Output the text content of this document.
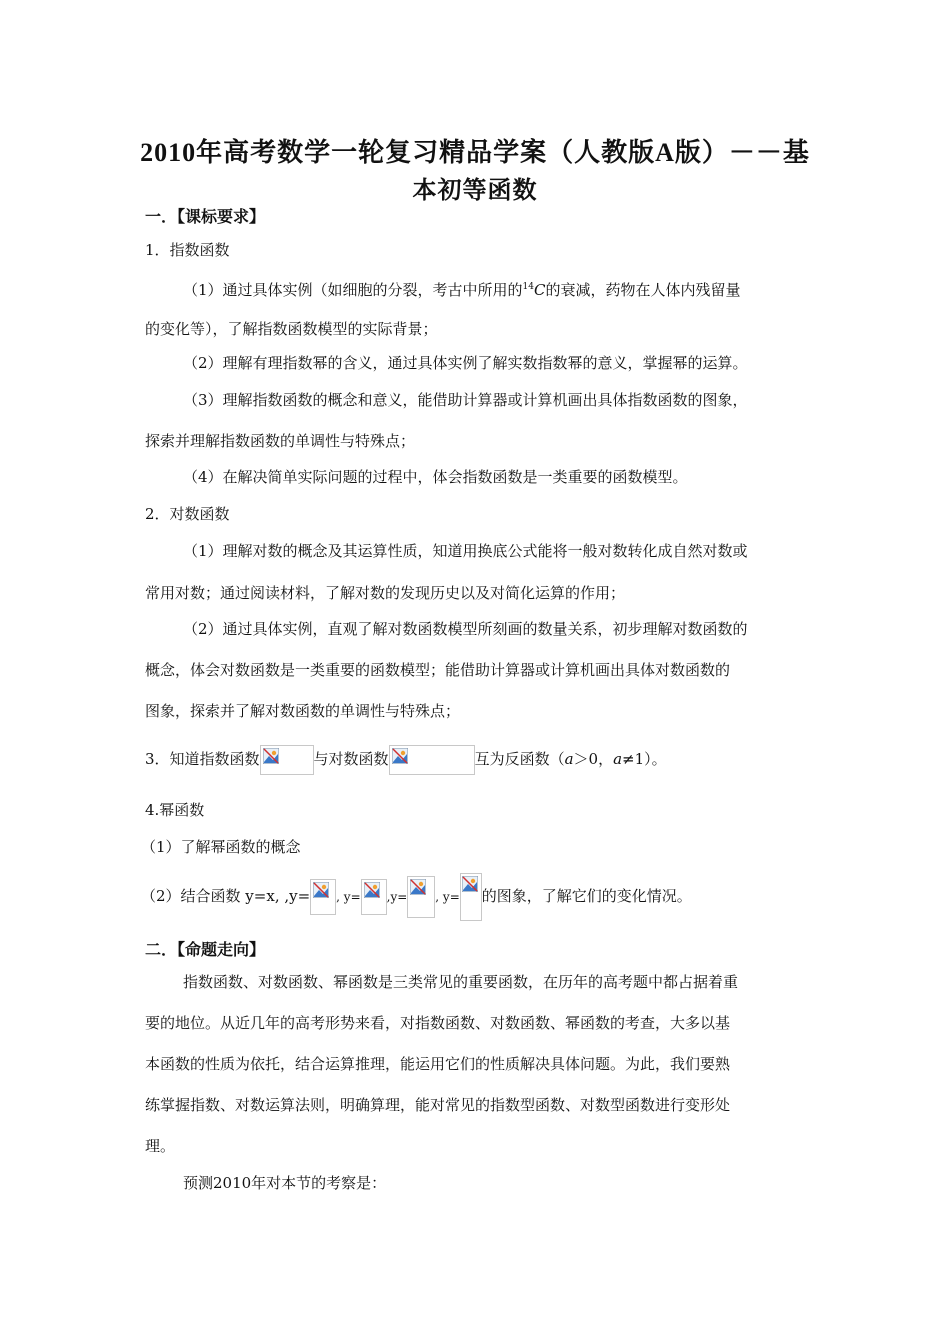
2010年高考数学一轮复习精品学案（人教版A版）－－基
本初等函数
一．【课标要求】
1．指数函数
（1）通过具体实例（如细胞的分裂，考古中所用的$^{14}$C的衰减，药物在人体内残留量
的变化等），了解指数函数模型的实际背景；
（2）理解有理指数幂的含义，通过具体实例了解实数指数幂的意义，掌握幂的运算。
（3）理解指数函数的概念和意义，能借助计算器或计算机画出具体指数函数的图象，
探索并理解指数函数的单调性与特殊点；
（4）在解决简单实际问题的过程中，体会指数函数是一类重要的函数模型。
2．对数函数
（1）理解对数的概念及其运算性质，知道用换底公式能将一般对数转化成自然对数或
常用对数；通过阅读材料，了解对数的发现历史以及对简化运算的作用；
（2）通过具体实例，直观了解对数函数模型所刻画的数量关系，初步理解对数函数的
概念，体会对数函数是一类重要的函数模型；能借助计算器或计算机画出具体对数函数的
图象，探索并了解对数函数的单调性与特殊点；
3．知道指数函数	与对数函数	互为反函数（a＞0，a≠1）。
4.幂函数
（1）了解幂函数的概念
（2）结合函数 y=x, ,y= , y= ,y= , y= 的图象，了解它们的变化情况。
二．【命题走向】
指数函数、对数函数、幂函数是三类常见的重要函数，在历年的高考题中都占据着重
要的地位。从近几年的高考形势来看，对指数函数、对数函数、幂函数的考查，大多以基
本函数的性质为依托，结合运算推理，能运用它们的性质解决具体问题。为此，我们要熟
练掌握指数、对数运算法则，明确算理，能对常见的指数型函数、对数型函数进行变形处
理。
预测2010年对本节的考察是：
